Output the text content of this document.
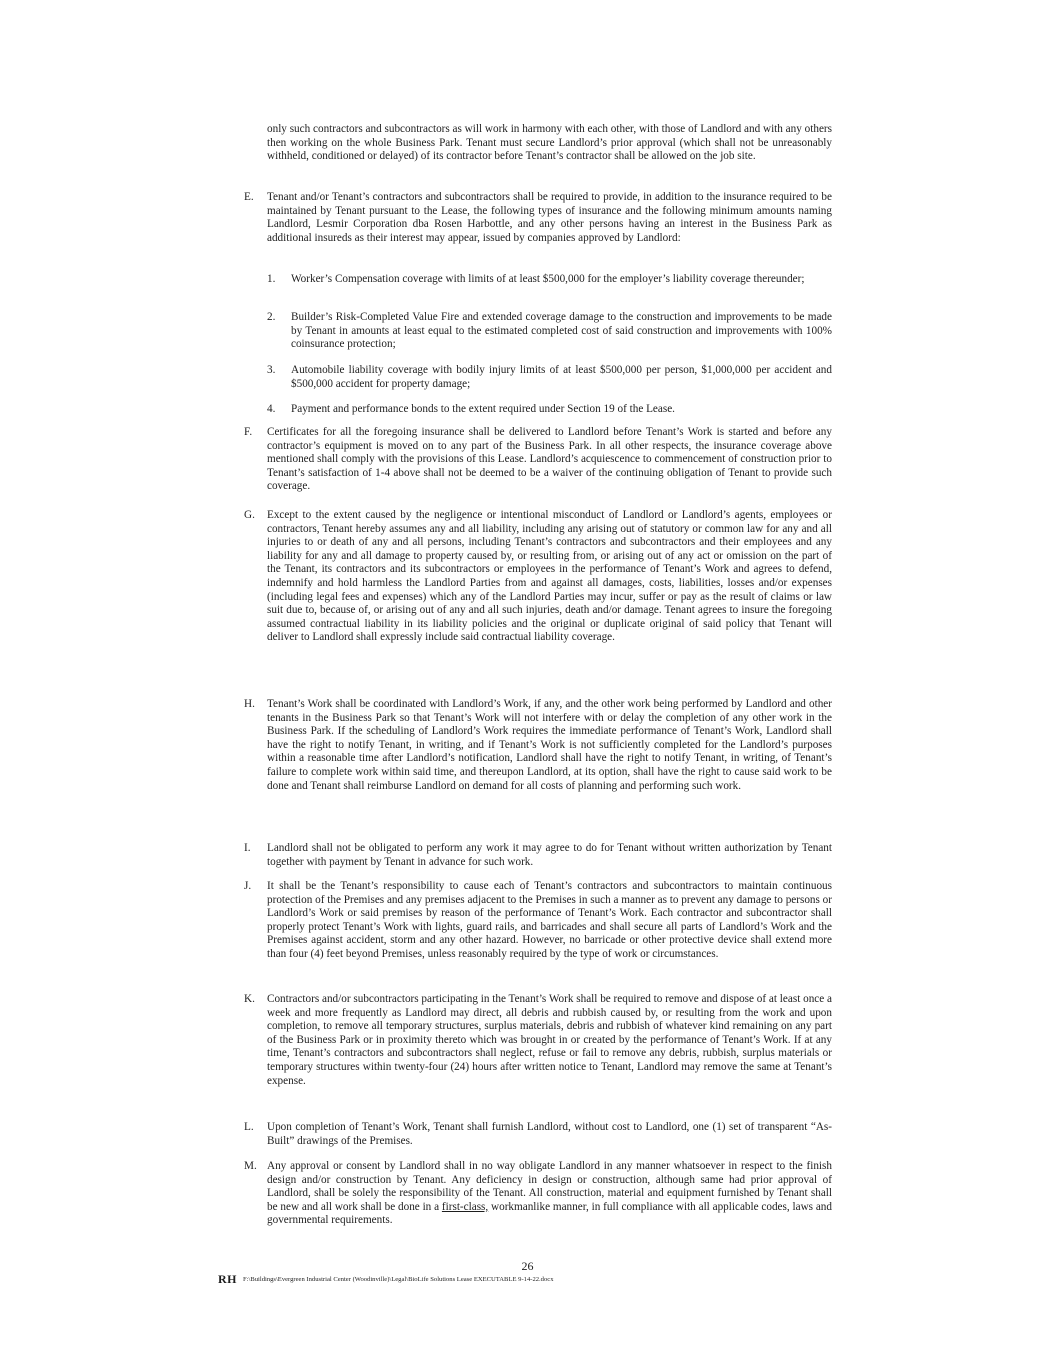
only such contractors and subcontractors as will work in harmony with each other, with those of Landlord and with any others then working on the whole Business Park. Tenant must secure Landlord’s prior approval (which shall not be unreasonably withheld, conditioned or delayed) of its contractor before Tenant’s contractor shall be allowed on the job site.

E. Tenant and/or Tenant’s contractors and subcontractors shall be required to provide, in addition to the insurance required to be maintained by Tenant pursuant to the Lease, the following types of insurance and the following minimum amounts naming Landlord, Lesmir Corporation dba Rosen Harbottle, and any other persons having an interest in the Business Park as additional insureds as their interest may appear, issued by companies approved by Landlord:

1. Worker’s Compensation coverage with limits of at least $500,000 for the employer’s liability coverage thereunder;

2. Builder’s Risk-Completed Value Fire and extended coverage damage to the construction and improvements to be made by Tenant in amounts at least equal to the estimated completed cost of said construction and improvements with 100% coinsurance protection;

3. Automobile liability coverage with bodily injury limits of at least $500,000 per person, $1,000,000 per accident and $500,000 accident for property damage;

4. Payment and performance bonds to the extent required under Section 19 of the Lease.

F. Certificates for all the foregoing insurance shall be delivered to Landlord before Tenant’s Work is started and before any contractor’s equipment is moved on to any part of the Business Park. In all other respects, the insurance coverage above mentioned shall comply with the provisions of this Lease. Landlord’s acquiescence to commencement of construction prior to Tenant’s satisfaction of 1-4 above shall not be deemed to be a waiver of the continuing obligation of Tenant to provide such coverage.

G. Except to the extent caused by the negligence or intentional misconduct of Landlord or Landlord’s agents, employees or contractors, Tenant hereby assumes any and all liability, including any arising out of statutory or common law for any and all injuries to or death of any and all persons, including Tenant’s contractors and subcontractors and their employees and any liability for any and all damage to property caused by, or resulting from, or arising out of any act or omission on the part of the Tenant, its contractors and its subcontractors or employees in the performance of Tenant’s Work and agrees to defend, indemnify and hold harmless the Landlord Parties from and against all damages, costs, liabilities, losses and/or expenses (including legal fees and expenses) which any of the Landlord Parties may incur, suffer or pay as the result of claims or law suit due to, because of, or arising out of any and all such injuries, death and/or damage. Tenant agrees to insure the foregoing assumed contractual liability in its liability policies and the original or duplicate original of said policy that Tenant will deliver to Landlord shall expressly include said contractual liability coverage.

H. Tenant’s Work shall be coordinated with Landlord’s Work, if any, and the other work being performed by Landlord and other tenants in the Business Park so that Tenant’s Work will not interfere with or delay the completion of any other work in the Business Park. If the scheduling of Landlord’s Work requires the immediate performance of Tenant’s Work, Landlord shall have the right to notify Tenant, in writing, and if Tenant’s Work is not sufficiently completed for the Landlord’s purposes within a reasonable time after Landlord’s notification, Landlord shall have the right to notify Tenant, in writing, of Tenant’s failure to complete work within said time, and thereupon Landlord, at its option, shall have the right to cause said work to be done and Tenant shall reimburse Landlord on demand for all costs of planning and performing such work.

I. Landlord shall not be obligated to perform any work it may agree to do for Tenant without written authorization by Tenant together with payment by Tenant in advance for such work.

J. It shall be the Tenant’s responsibility to cause each of Tenant’s contractors and subcontractors to maintain continuous protection of the Premises and any premises adjacent to the Premises in such a manner as to prevent any damage to persons or Landlord’s Work or said premises by reason of the performance of Tenant’s Work. Each contractor and subcontractor shall properly protect Tenant’s Work with lights, guard rails, and barricades and shall secure all parts of Landlord’s Work and the Premises against accident, storm and any other hazard. However, no barricade or other protective device shall extend more than four (4) feet beyond Premises, unless reasonably required by the type of work or circumstances.

K. Contractors and/or subcontractors participating in the Tenant’s Work shall be required to remove and dispose of at least once a week and more frequently as Landlord may direct, all debris and rubbish caused by, or resulting from the work and upon completion, to remove all temporary structures, surplus materials, debris and rubbish of whatever kind remaining on any part of the Business Park or in proximity thereto which was brought in or created by the performance of Tenant’s Work. If at any time, Tenant’s contractors and subcontractors shall neglect, refuse or fail to remove any debris, rubbish, surplus materials or temporary structures within twenty-four (24) hours after written notice to Tenant, Landlord may remove the same at Tenant’s expense.

L. Upon completion of Tenant’s Work, Tenant shall furnish Landlord, without cost to Landlord, one (1) set of transparent “As-Built” drawings of the Premises.

M. Any approval or consent by Landlord shall in no way obligate Landlord in any manner whatsoever in respect to the finish design and/or construction by Tenant. Any deficiency in design or construction, although same had prior approval of Landlord, shall be solely the responsibility of the Tenant. All construction, material and equipment furnished by Tenant shall be new and all work shall be done in a first-class, workmanlike manner, in full compliance with all applicable codes, laws and governmental requirements.

26
RH F:\Buildings\Evergreen Industrial Center (Woodinville)\Legal\BioLife Solutions Lease EXECUTABLE 9-14-22.docx
